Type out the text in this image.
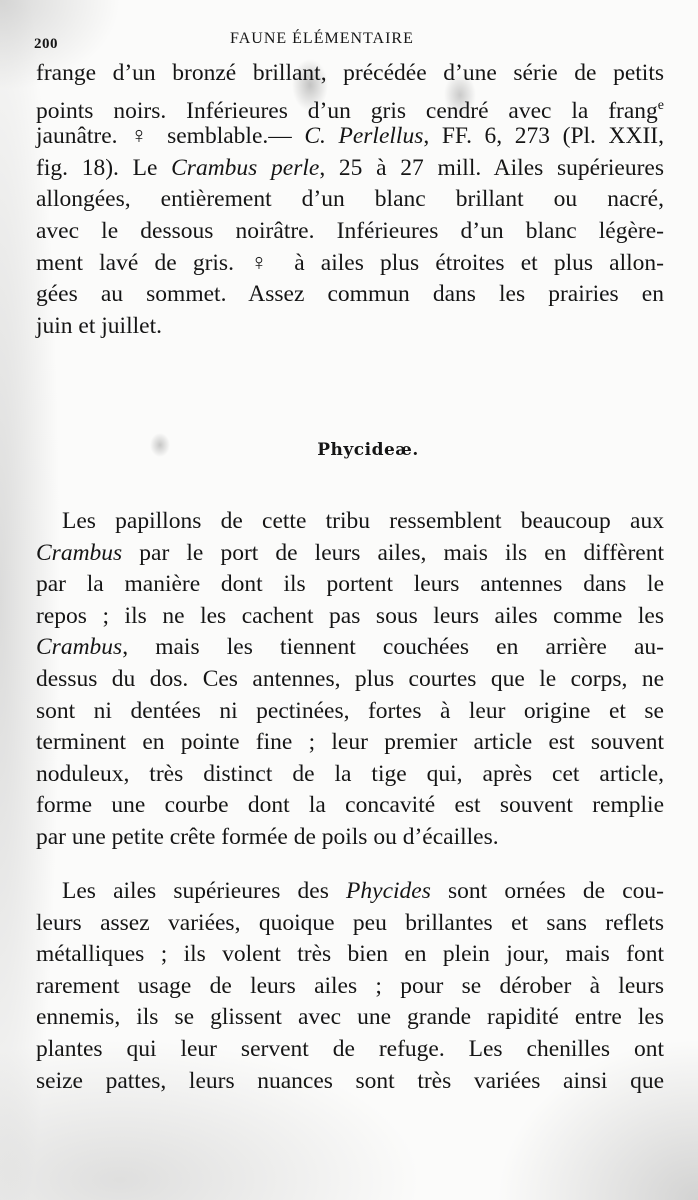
200	FAUNE ÉLÉMENTAIRE
frange d’un bronzé brillant, précédée d’une série de petits
points noirs. Inférieures d’un gris cendré avec la frang$^e$
jaunâtre. ♀ semblable.— C. Perlellus, FF. 6, 273 (Pl. XXII,
fig. 18). Le Crambus perle, 25 à 27 mill. Ailes supérieures
allongées, entièrement d’un blanc brillant ou nacré,
avec le dessous noirâtre. Inférieures d’un blanc légère-
ment lavé de gris. ♀ à ailes plus étroites et plus allon-
gées au sommet. Assez commun dans les prairies en
juin et juillet.
Phycideæ.
Les papillons de cette tribu ressemblent beaucoup aux
Crambus par le port de leurs ailes, mais ils en diffèrent
par la manière dont ils portent leurs antennes dans le
repos ; ils ne les cachent pas sous leurs ailes comme les
Crambus, mais les tiennent couchées en arrière au-
dessus du dos. Ces antennes, plus courtes que le corps, ne
sont ni dentées ni pectinées, fortes à leur origine et se
terminent en pointe fine ; leur premier article est souvent
noduleux, très distinct de la tige qui, après cet article,
forme une courbe dont la concavité est souvent remplie
par une petite crête formée de poils ou d’écailles.
Les ailes supérieures des Phycides sont ornées de cou-
leurs assez variées, quoique peu brillantes et sans reflets
métalliques ; ils volent très bien en plein jour, mais font
rarement usage de leurs ailes ; pour se dérober à leurs
ennemis, ils se glissent avec une grande rapidité entre les
plantes qui leur servent de refuge. Les chenilles ont
seize pattes, leurs nuances sont très variées ainsi que
